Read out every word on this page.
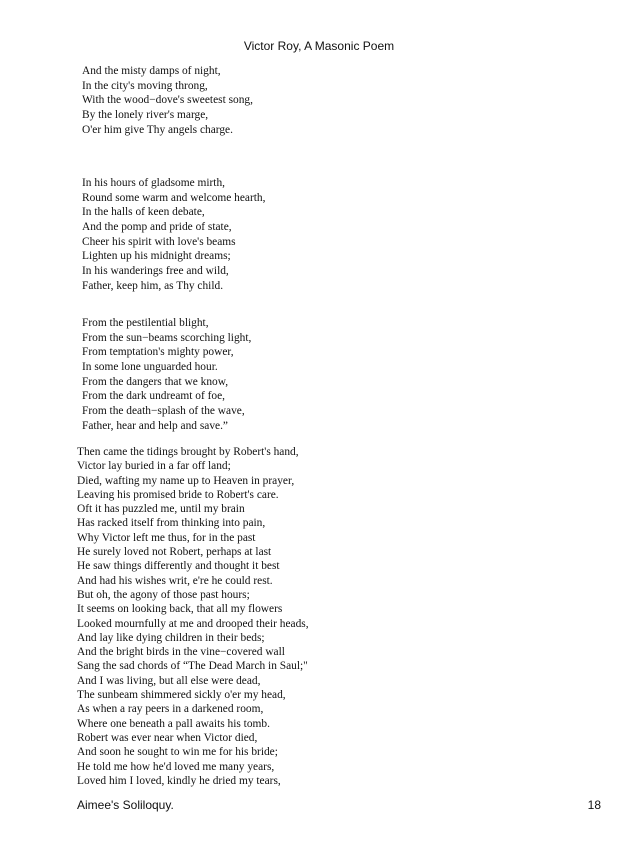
Victor Roy, A Masonic Poem
And the misty damps of night,
In the city's moving throng,
With the wood−dove's sweetest song,
By the lonely river's marge,
O'er him give Thy angels charge.
In his hours of gladsome mirth,
Round some warm and welcome hearth,
In the halls of keen debate,
And the pomp and pride of state,
Cheer his spirit with love's beams
Lighten up his midnight dreams;
In his wanderings free and wild,
Father, keep him, as Thy child.
From the pestilential blight,
From the sun−beams scorching light,
From temptation's mighty power,
In some lone unguarded hour.
From the dangers that we know,
From the dark undreamt of foe,
From the death−splash of the wave,
Father, hear and help and save.”
Then came the tidings brought by Robert's hand,
Victor lay buried in a far off land;
Died, wafting my name up to Heaven in prayer,
Leaving his promised bride to Robert's care.
Oft it has puzzled me, until my brain
Has racked itself from thinking into pain,
Why Victor left me thus, for in the past
He surely loved not Robert, perhaps at last
He saw things differently and thought it best
And had his wishes writ, e're he could rest.
But oh, the agony of those past hours;
It seems on looking back, that all my flowers
Looked mournfully at me and drooped their heads,
And lay like dying children in their beds;
And the bright birds in the vine−covered wall
Sang the sad chords of “The Dead March in Saul;"
And I was living, but all else were dead,
The sunbeam shimmered sickly o'er my head,
As when a ray peers in a darkened room,
Where one beneath a pall awaits his tomb.
Robert was ever near when Victor died,
And soon he sought to win me for his bride;
He told me how he'd loved me many years,
Loved him I loved, kindly he dried my tears,
Aimee's Soliloquy.	18
